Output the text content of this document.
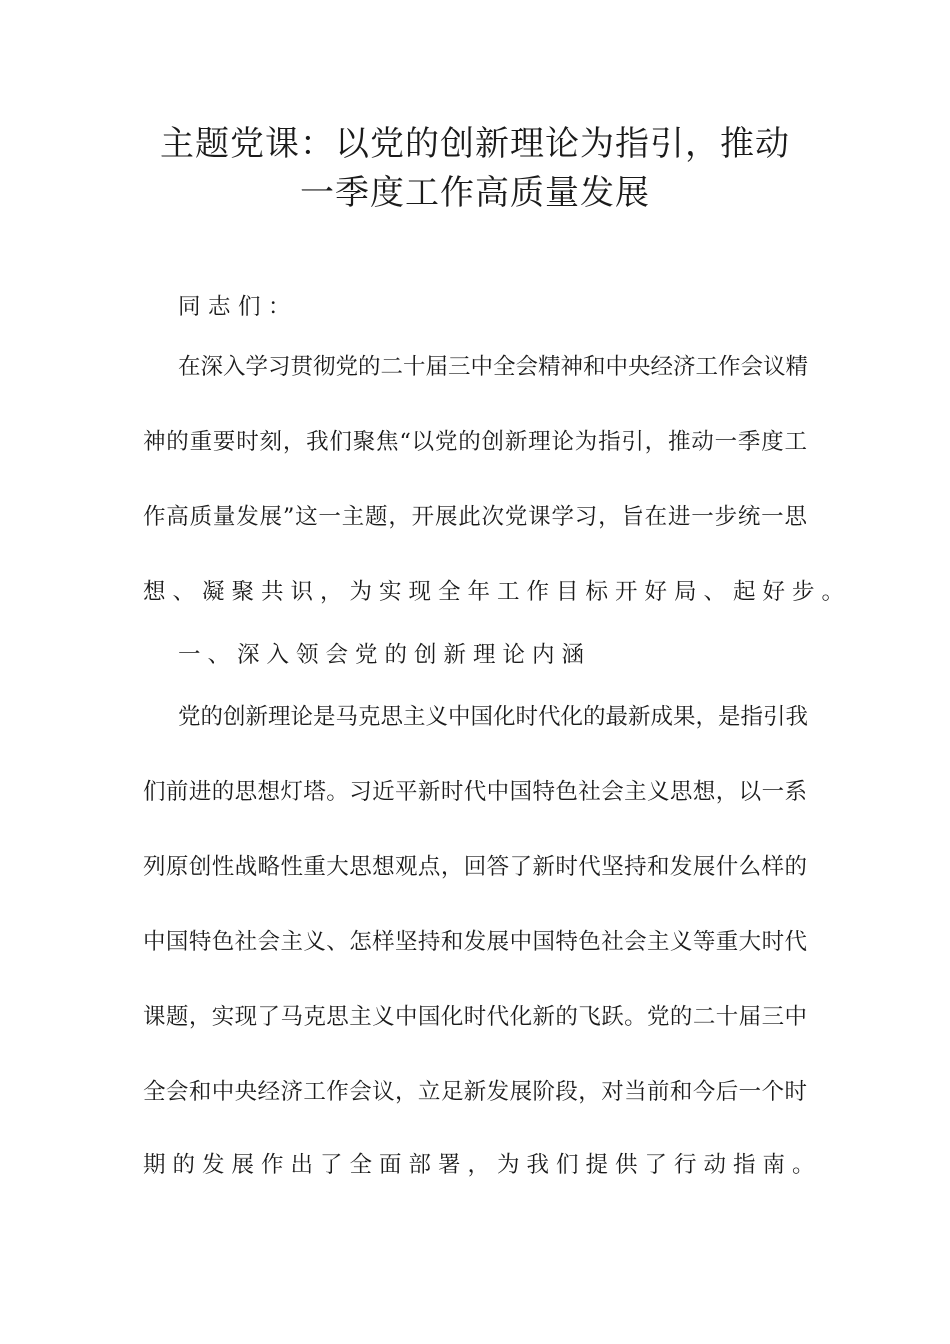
主题党课：以党的创新理论为指引，推动
一季度工作高质量发展
同志们：
在深入学习贯彻党的二十届三中全会精神和中央经济工作会议精
神的重要时刻，我们聚焦“以党的创新理论为指引，推动一季度工
作高质量发展”这一主题，开展此次党课学习，旨在进一步统一思
想、凝聚共识，为实现全年工作目标开好局、起好步。
一、深入领会党的创新理论内涵
党的创新理论是马克思主义中国化时代化的最新成果，是指引我
们前进的思想灯塔。习近平新时代中国特色社会主义思想，以一系
列原创性战略性重大思想观点，回答了新时代坚持和发展什么样的
中国特色社会主义、怎样坚持和发展中国特色社会主义等重大时代
课题，实现了马克思主义中国化时代化新的飞跃。党的二十届三中
全会和中央经济工作会议，立足新发展阶段，对当前和今后一个时
期的发展作出了全面部署，为我们提供了行动指南。
